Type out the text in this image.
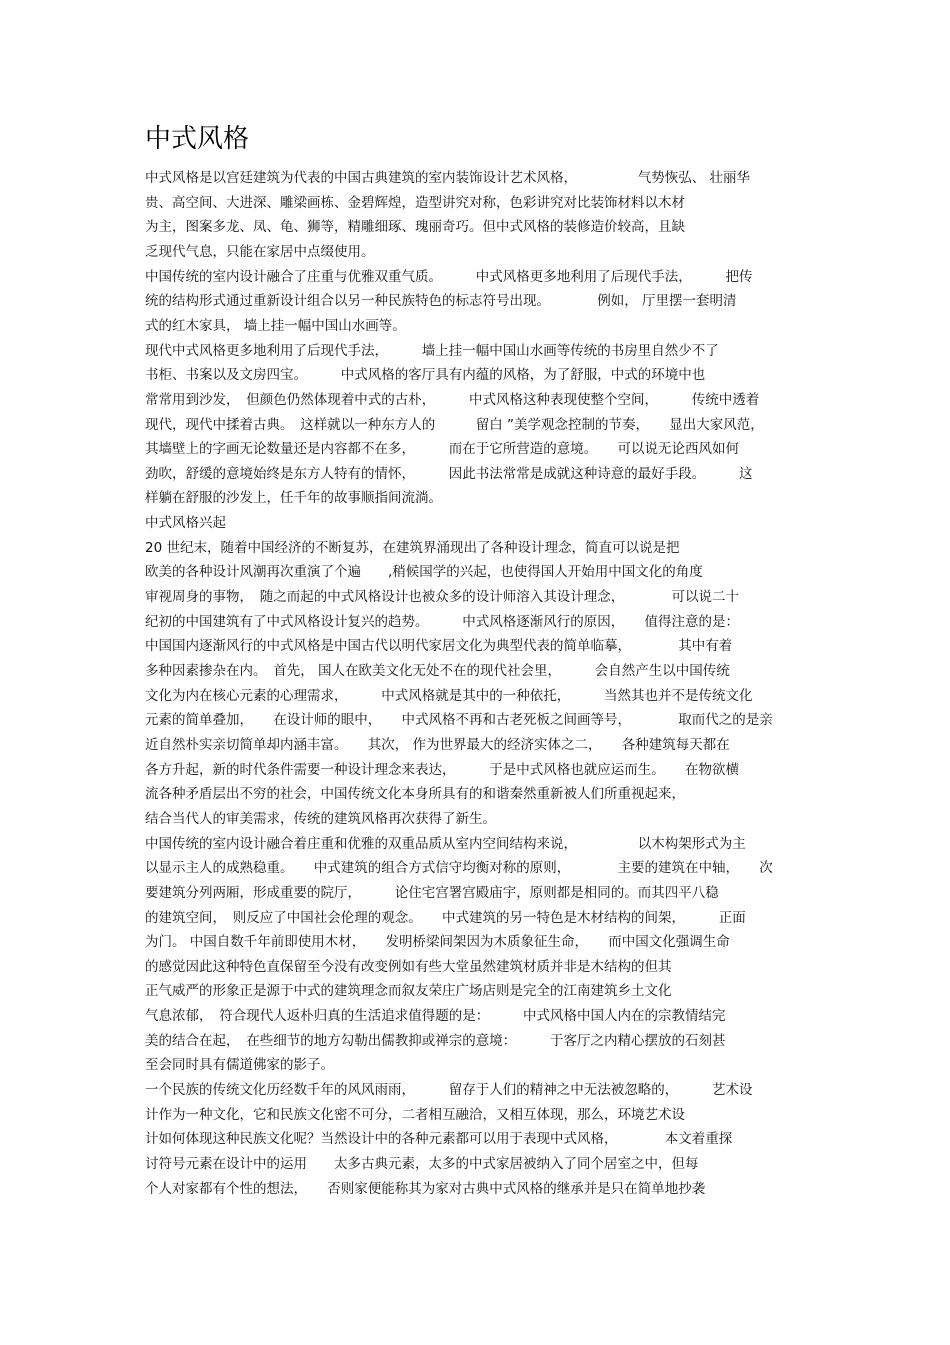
中式风格
中式风格是以宫廷建筑为代表的中国古典建筑的室内装饰设计艺术风格，　　　　　气势恢弘、 壮丽华
贵、高空间、大进深、雕梁画栋、金碧辉煌，造型讲究对称，色彩讲究对比装饰材料以木材
为主，图案多龙、凤、龟、狮等，精雕细琢、瑰丽奇巧。但中式风格的装修造价较高，且缺
乏现代气息，只能在家居中点缀使用。
中国传统的室内设计融合了庄重与优雅双重气质。　　　中式风格更多地利用了后现代手法，　　　把传
统的结构形式通过重新设计组合以另一种民族特色的标志符号出现。　　　　例如， 厅里摆一套明清
式的红木家具， 墙上挂一幅中国山水画等。
现代中式风格更多地利用了后现代手法，　　　墙上挂一幅中国山水画等传统的书房里自然少不了
书柜、书案以及文房四宝。　　　中式风格的客厅具有内蕴的风格，为了舒服，中式的环境中也
常常用到沙发，　但颜色仍然体现着中式的古朴，　　　中式风格这种表现使整个空间，　　　传统中透着
现代，现代中揉着古典。　这样就以一种东方人的　　　留白 ”美学观念控制的节奏，　　显出大家风范，
其墙壁上的字画无论数量还是内容都不在多，　　　而在于它所营造的意境。　　可以说无论西风如何
劲吹，舒缓的意境始终是东方人特有的情怀，　　　因此书法常常是成就这种诗意的最好手段。　　　这
样躺在舒服的沙发上，任千年的故事顺指间流淌。
中式风格兴起
20 世纪末，随着中国经济的不断复苏，在建筑界涌现出了各种设计理念，简直可以说是把
欧美的各种设计风潮再次重演了个遍　　,稍候国学的兴起，也使得国人开始用中国文化的角度
审视周身的事物，　随之而起的中式风格设计也被众多的设计师溶入其设计理念，　　　　可以说二十
纪初的中国建筑有了中式风格设计复兴的趋势。　　　中式风格逐渐风行的原因，　　值得注意的是：
中国国内逐渐风行的中式风格是中国古代以明代家居文化为典型代表的简单临摹，　　　　其中有着
多种因素掺杂在内。　首先， 国人在欧美文化无处不在的现代社会里，　　　会自然产生以中国传统
文化为内在核心元素的心理需求，　　　中式风格就是其中的一种依托，　　　当然其也并不是传统文化
元素的简单叠加，　　在设计师的眼中，　　中式风格不再和古老死板之间画等号，　　　　取而代之的是亲
近自然朴实亲切简单却内涵丰富。　　其次， 作为世界最大的经济实体之二，　　各种建筑每天都在
各方升起，新的时代条件需要一种设计理念来表达，　　　于是中式风格也就应运而生。　　在物欲横
流各种矛盾层出不穷的社会，中国传统文化本身所具有的和谐秦然重新被人们所重视起来，
结合当代人的审美需求，传统的建筑风格再次获得了新生。
中国传统的室内设计融合着庄重和优雅的双重品质从室内空间结构来说，　　　　　以木构架形式为主
以显示主人的成熟稳重。　　中式建筑的组合方式信守均衡对称的原则，　　　　主要的建筑在中轴，　　次
要建筑分列两厢，形成重要的院厅，　　　论住宅宫署宫殿庙宇，原则都是相同的。而其四平八稳
的建筑空间，　则反应了中国社会伦理的观念。　　中式建筑的另一特色是木材结构的间架，　　　正面
为门。 中国自数千年前即使用木材，　　发明桥梁间架因为木质象征生命，　　而中国文化强调生命
的感觉因此这种特色直保留至今没有改变例如有些大堂虽然建筑材质并非是木结构的但其
正气威严的形象正是源于中式的建筑理念而叙友荣庄广场店则是完全的江南建筑乡土文化
气息浓郁，　符合现代人返朴归真的生活追求值得题的是：　　　中式风格中国人内在的宗教情结完
美的结合在起，　在些细节的地方勾勒出儒教抑或禅宗的意境：　　　于客厅之内精心摆放的石刻甚
至会同时具有儒道佛家的影子。
一个民族的传统文化历经数千年的风风雨雨，　　　留存于人们的精神之中无法被忽略的，　　　艺术设
计作为一种文化，它和民族文化密不可分，二者相互融洽，又相互体现，那么，环境艺术设
计如何体现这种民族文化呢？当然设计中的各种元素都可以用于表现中式风格，　　　　本文着重探
讨符号元素在设计中的运用　　太多古典元素，太多的中式家居被纳入了同个居室之中，但每
个人对家都有个性的想法，　　否则家便能称其为家对古典中式风格的继承并是只在简单地抄袭
